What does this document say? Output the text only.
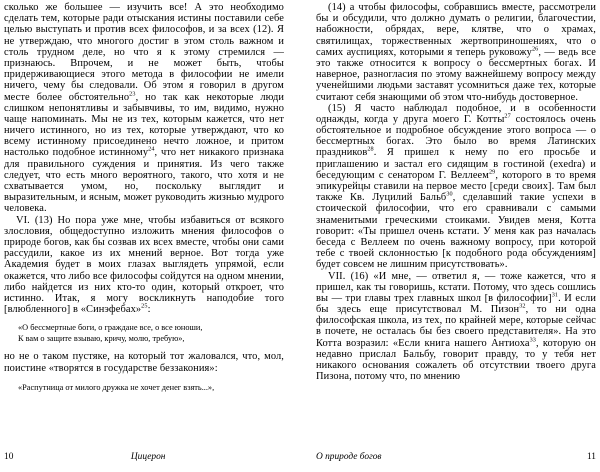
сколько же большее — изучить все! А это необходимо сделать тем, которые ради отыскания истины поставили себе целью выступать и против всех философов, и за всех (12). Я не утверждаю, что многого достиг в этом столь важном и столь трудном деле, но что я к этому стремился — признаюсь. Впрочем, и не может быть, чтобы придерживающиеся этого метода в философии не имели ничего, чему бы следовали. Об этом я говорил в другом месте более обстоятельно$^{23}$, но так как некоторые люди слишком непонятливы и забывчивы, то им, видимо, нужно чаще напоминать. Мы не из тех, которым кажется, что нет ничего истинного, но из тех, которые утверждают, что ко всему истинному присоединено нечто ложное, и притом настолько подобное истинному$^{24}$, что нет никакого признака для правильного суждения и принятия. Из чего также следует, что есть много вероятного, такого, что хотя и не схватывается умом, но, поскольку выглядит и выразительным, и ясным, может руководить жизнью мудрого человека.

VI. (13) Но пора уже мне, чтобы избавиться от всякого злословия, общедоступно изложить мнения философов о природе богов, как бы созвав их всех вместе, чтобы они сами рассудили, какое из их мнений верное. Вот тогда уже Академия будет в моих глазах выглядеть упрямой, если окажется, что либо все философы сойдутся на одном мнении, либо найдется из них кто-то один, который откроет, что истинно. Итак, я могу воскликнуть наподобие того [влюбленного] в «Синэфебах»$^{25}$:

«О бессмертные боги, о граждане все, о все юноши,
К вам о защите взываю, кричу, молю, требую»,

но не о таком пустяке, на который тот жаловался, что, мол, поистине «творятся в государстве беззакония»:

«Распутница от милого дружка не хочет денег взять...»,

(14) а чтобы философы, собравшись вместе, рассмотрели бы и обсудили, что должно думать о религии, благочестии, набожности, обрядах, вере, клятве, что о храмах, святилищах, торжественных жертвоприношениях, что о самих ауспициях, которыми я теперь руковожу$^{26}$, — ведь все это также относится к вопросу о бессмертных богах. И наверное, разногласия по этому важнейшему вопросу между ученейшими людьми заставят усомниться даже тех, которые считают себя знающими об этом что-нибудь достоверное.

(15) Я часто наблюдал подобное, и в особенности однажды, когда у друга моего Г. Котты$^{27}$ состоялось очень обстоятельное и подробное обсуждение этого вопроса — о бессмертных богах. Это было во время Латинских праздников$^{28}$. Я пришел к нему по его просьбе и приглашению и застал его сидящим в гостиной (exedra) и беседующим с сенатором Г. Веллеем$^{29}$, которого в то время эпикурейцы ставили на первое место [среди своих]. Там был также Кв. Луцилий Бальб$^{30}$, сделавший такие успехи в стоической философии, что его сравнивали с самыми знаменитыми греческими стоиками. Увидев меня, Котта говорит: «Ты пришел очень кстати. У меня как раз началась беседа с Веллеем по очень важному вопросу, при которой тебе с твоей склонностью [к подобного рода обсуждениям] будет совсем не лишним присутствовать».

VII. (16) «И мне, — ответил я, — тоже кажется, что я пришел, как ты говоришь, кстати. Потому, что здесь сошлись вы — три главы трех главных школ [в философии]$^{31}$. И если бы здесь еще присутствовал М. Пизон$^{32}$, то ни одна философская школа, из тех, по крайней мере, которые сейчас в почете, не осталась бы без своего представителя». На это Котта возразил: «Если книга нашего Антиоха$^{33}$, которую он недавно прислал Бальбу, говорит правду, то у тебя нет никакого основания сожалеть об отсутствии твоего друга Пизона, потому что, по мнению

10	Цицерон	О природе богов	11
